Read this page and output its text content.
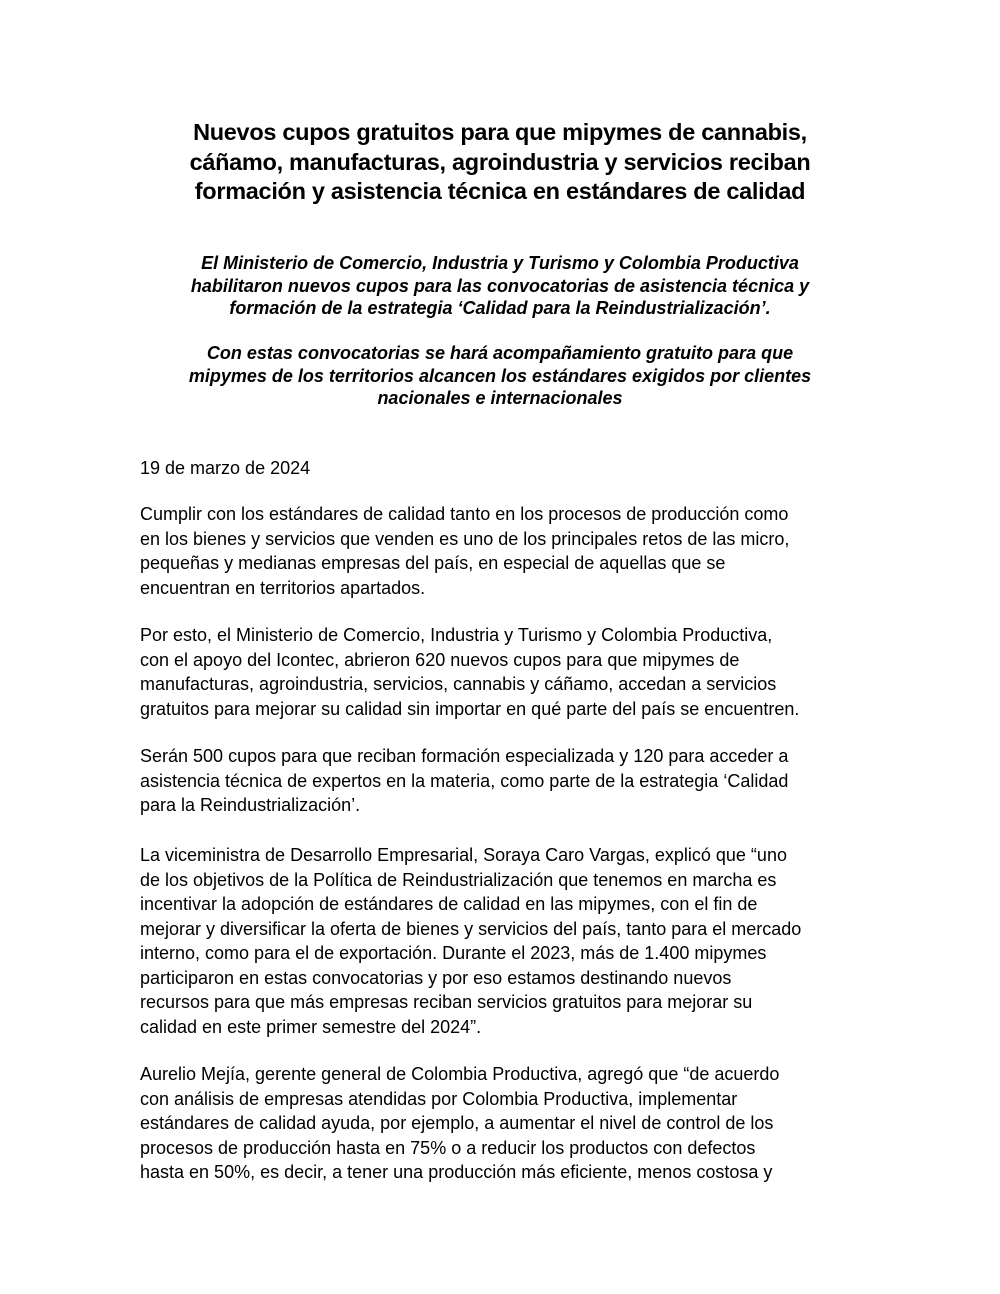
Nuevos cupos gratuitos para que mipymes de cannabis,
cáñamo, manufacturas, agroindustria y servicios reciban
formación y asistencia técnica en estándares de calidad

El Ministerio de Comercio, Industria y Turismo y Colombia Productiva
habilitaron nuevos cupos para las convocatorias de asistencia técnica y
formación de la estrategia ‘Calidad para la Reindustrialización’.

Con estas convocatorias se hará acompañamiento gratuito para que
mipymes de los territorios alcancen los estándares exigidos por clientes
nacionales e internacionales

19 de marzo de 2024

Cumplir con los estándares de calidad tanto en los procesos de producción como
en los bienes y servicios que venden es uno de los principales retos de las micro,
pequeñas y medianas empresas del país, en especial de aquellas que se
encuentran en territorios apartados.

Por esto, el Ministerio de Comercio, Industria y Turismo y Colombia Productiva,
con el apoyo del Icontec, abrieron 620 nuevos cupos para que mipymes de
manufacturas, agroindustria, servicios, cannabis y cáñamo, accedan a servicios
gratuitos para mejorar su calidad sin importar en qué parte del país se encuentren.

Serán 500 cupos para que reciban formación especializada y 120 para acceder a
asistencia técnica de expertos en la materia, como parte de la estrategia ‘Calidad
para la Reindustrialización’.

La viceministra de Desarrollo Empresarial, Soraya Caro Vargas, explicó que “uno
de los objetivos de la Política de Reindustrialización que tenemos en marcha es
incentivar la adopción de estándares de calidad en las mipymes, con el fin de
mejorar y diversificar la oferta de bienes y servicios del país, tanto para el mercado
interno, como para el de exportación. Durante el 2023, más de 1.400 mipymes
participaron en estas convocatorias y por eso estamos destinando nuevos
recursos para que más empresas reciban servicios gratuitos para mejorar su
calidad en este primer semestre del 2024”.

Aurelio Mejía, gerente general de Colombia Productiva, agregó que “de acuerdo
con análisis de empresas atendidas por Colombia Productiva, implementar
estándares de calidad ayuda, por ejemplo, a aumentar el nivel de control de los
procesos de producción hasta en 75% o a reducir los productos con defectos
hasta en 50%, es decir, a tener una producción más eficiente, menos costosa y
